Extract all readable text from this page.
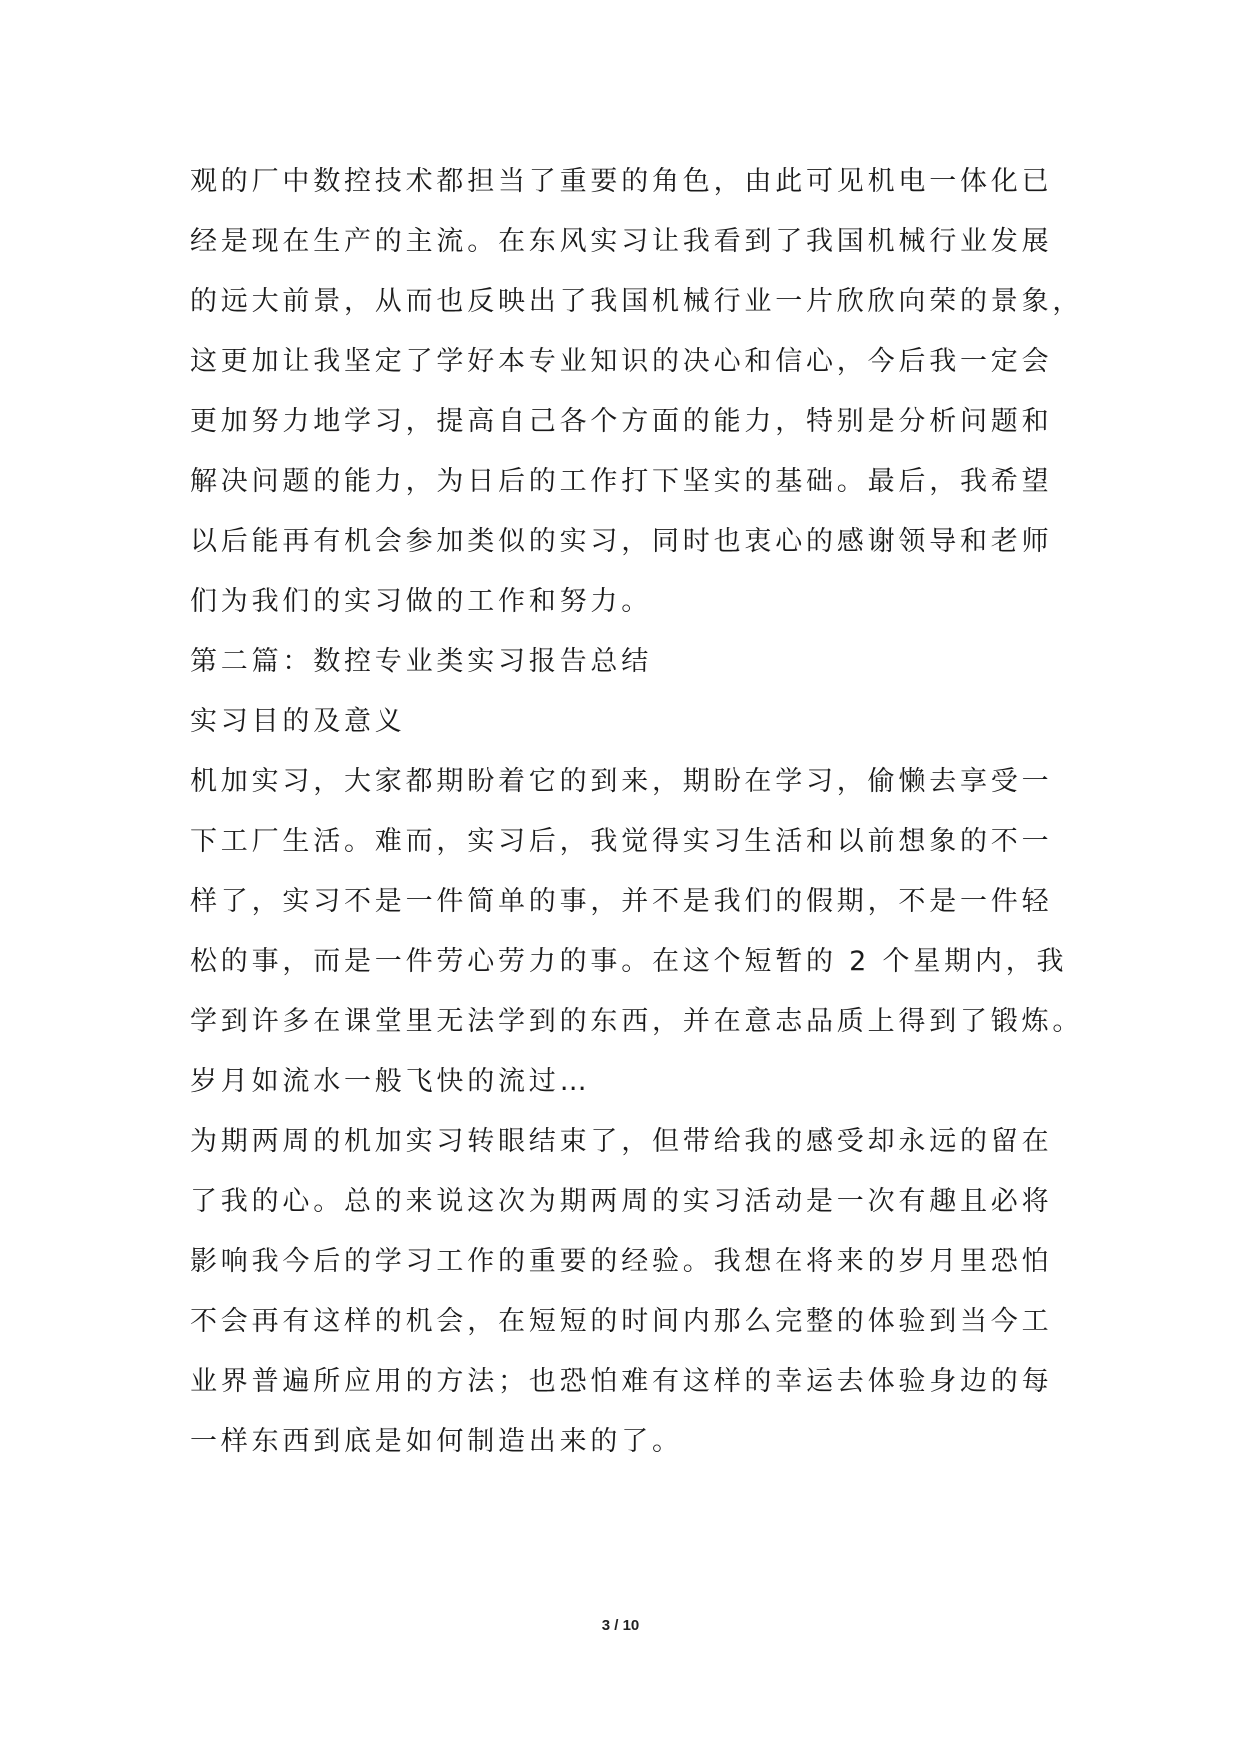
观的厂中数控技术都担当了重要的角色，由此可见机电一体化已
经是现在生产的主流。在东风实习让我看到了我国机械行业发展
的远大前景，从而也反映出了我国机械行业一片欣欣向荣的景象，
这更加让我坚定了学好本专业知识的决心和信心，今后我一定会
更加努力地学习，提高自己各个方面的能力，特别是分析问题和
解决问题的能力，为日后的工作打下坚实的基础。最后，我希望
以后能再有机会参加类似的实习，同时也衷心的感谢领导和老师
们为我们的实习做的工作和努力。
第二篇：数控专业类实习报告总结
实习目的及意义
机加实习，大家都期盼着它的到来，期盼在学习，偷懒去享受一
下工厂生活。难而，实习后，我觉得实习生活和以前想象的不一
样了，实习不是一件简单的事，并不是我们的假期，不是一件轻
松的事，而是一件劳心劳力的事。在这个短暂的 2 个星期内，我
学到许多在课堂里无法学到的东西，并在意志品质上得到了锻炼。
岁月如流水一般飞快的流过…
为期两周的机加实习转眼结束了，但带给我的感受却永远的留在
了我的心。总的来说这次为期两周的实习活动是一次有趣且必将
影响我今后的学习工作的重要的经验。我想在将来的岁月里恐怕
不会再有这样的机会，在短短的时间内那么完整的体验到当今工
业界普遍所应用的方法；也恐怕难有这样的幸运去体验身边的每
一样东西到底是如何制造出来的了。
3 / 10
